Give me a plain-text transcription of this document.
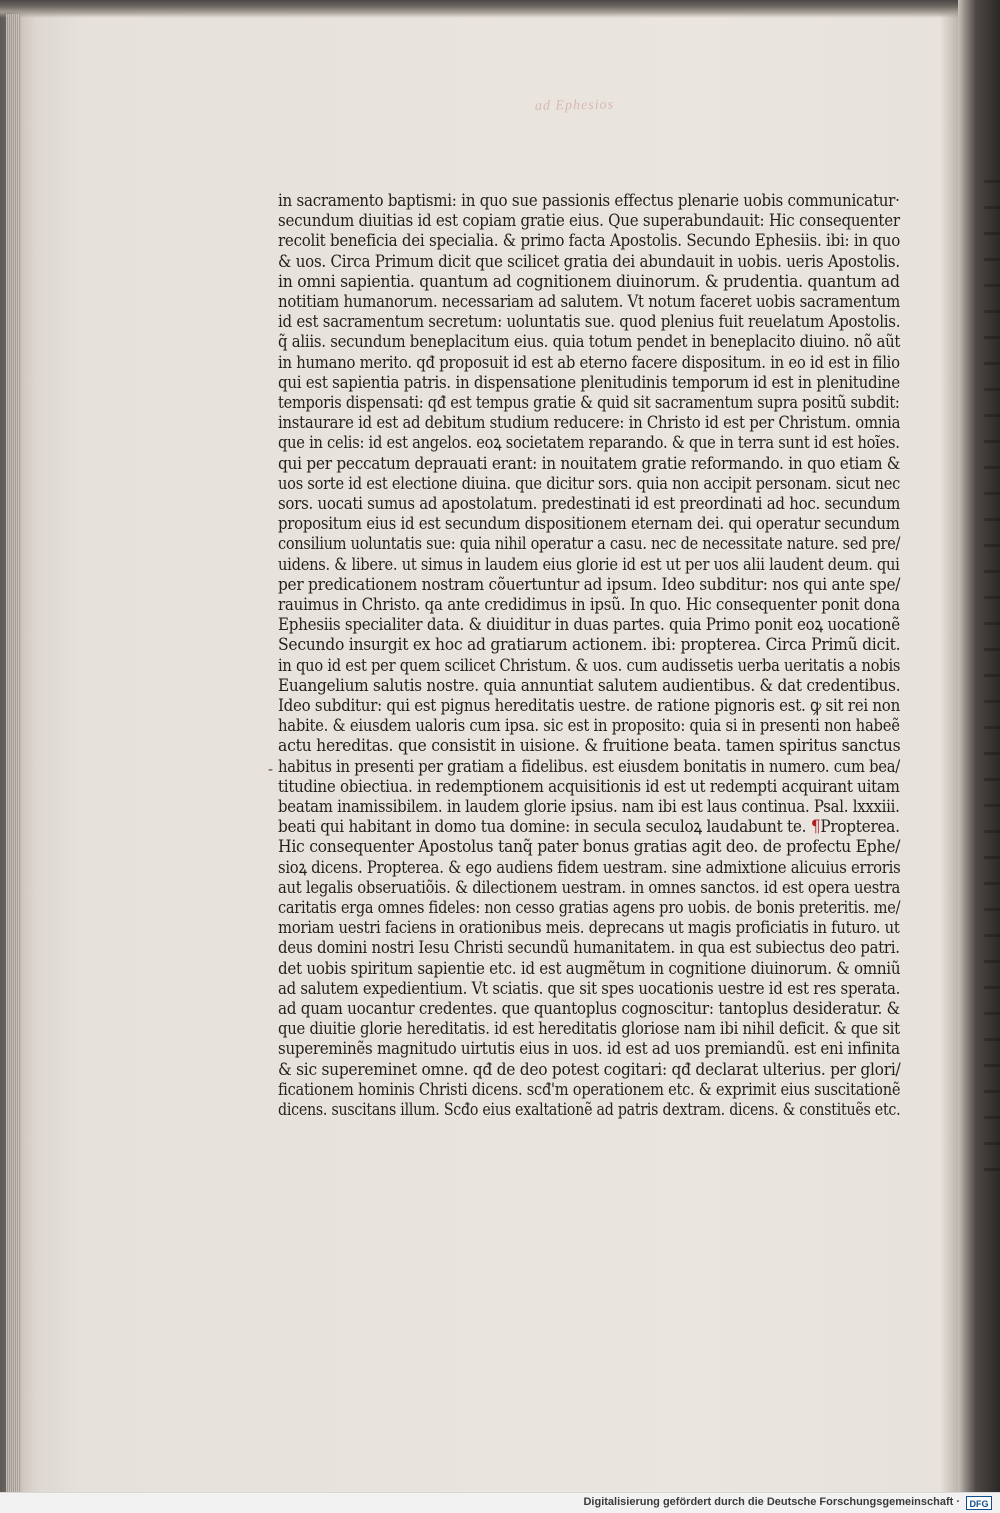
ad Ephesios
in sacramento baptismi: in quo sue passionis effectus plenarie uobis communicatur·
secundum diuitias id est copiam gratie eius. Que superabundauit: Hic consequenter
recolit beneficia dei specialia. & primo facta Apostolis. Secundo Ephesiis. ibi: in quo
& uos. Circa Primum dicit que scilicet gratia dei abundauit in uobis. ueris Apostolis.
in omni sapientia. quantum ad cognitionem diuinorum. & prudentia. quantum ad
notitiam humanorum. necessariam ad salutem. Vt notum faceret uobis sacramentum
id est sacramentum secretum: uoluntatis sue. quod plenius fuit reuelatum Apostolis.
q̃ aliis. secundum beneplacitum eius. quia totum pendet in beneplacito diuino. nõ aũt
in humano merito. qđ proposuit id est ab eterno facere dispositum. in eo id est in filio
qui est sapientia patris. in dispensatione plenitudinis temporum id est in plenitudine
temporis dispensati: qđ est tempus gratie & quid sit sacramentum supra positũ subdit:
instaurare id est ad debitum studium reducere: in Christo id est per Christum. omnia
que in celis: id est angelos. eoꝝ societatem reparando. & que in terra sunt id est hoĩes.
qui per peccatum deprauati erant: in nouitatem gratie reformando. in quo etiam &
uos sorte id est electione diuina. que dicitur sors. quia non accipit personam. sicut nec
sors. uocati sumus ad apostolatum. predestinati id est preordinati ad hoc. secundum
propositum eius id est secundum dispositionem eternam dei. qui operatur secundum
consilium uoluntatis sue: quia nihil operatur a casu. nec de necessitate nature. sed pre/
uidens. & libere. ut simus in laudem eius glorie id est ut per uos alii laudent deum. qui
per predicationem nostram cõuertuntur ad ipsum. Ideo subditur: nos qui ante spe/
rauimus in Christo. qa ante credidimus in ipsũ. In quo. Hic consequenter ponit dona
Ephesiis specialiter data. & diuiditur in duas partes. quia Primo ponit eoꝝ uocationẽ
Secundo insurgit ex hoc ad gratiarum actionem. ibi: propterea. Circa Primũ dicit.
in quo id est per quem scilicet Christum. & uos. cum audissetis uerba ueritatis a nobis
Euangelium salutis nostre. quia annuntiat salutem audientibus. & dat credentibus.
Ideo subditur: qui est pignus hereditatis uestre. de ratione pignoris est. ꝙ sit rei non
habite. & eiusdem ualoris cum ipsa. sic est in proposito: quia si in presenti non habeẽ
actu hereditas. que consistit in uisione. & fruitione beata. tamen spiritus sanctus
habitus in presenti per gratiam a fidelibus. est eiusdem bonitatis in numero. cum bea/
titudine obiectiua. in redemptionem acquisitionis id est ut redempti acquirant uitam
beatam inamissibilem. in laudem glorie ipsius. nam ibi est laus continua. Psal. lxxxiii.
beati qui habitant in domo tua domine: in secula seculoꝝ laudabunt te. ¶Propterea.
Hic consequenter Apostolus tanq̃ pater bonus gratias agit deo. de profectu Ephe/
sioꝝ dicens. Propterea. & ego audiens fidem uestram. sine admixtione alicuius erroris
aut legalis obseruatiõis. & dilectionem uestram. in omnes sanctos. id est opera uestra
caritatis erga omnes fideles: non cesso gratias agens pro uobis. de bonis preteritis. me/
moriam uestri faciens in orationibus meis. deprecans ut magis proficiatis in futuro. ut
deus domini nostri Iesu Christi secundũ humanitatem. in qua est subiectus deo patri.
det uobis spiritum sapientie etc. id est augmẽtum in cognitione diuinorum. & omniũ
ad salutem expedientium. Vt sciatis. que sit spes uocationis uestre id est res sperata.
ad quam uocantur credentes. que quantoplus cognoscitur: tantoplus desideratur. &
que diuitie glorie hereditatis. id est hereditatis gloriose nam ibi nihil deficit. & que sit
supereminẽs magnitudo uirtutis eius in uos. id est ad uos premiandũ. est eni infinita
& sic supereminet omne. qđ de deo potest cogitari: qđ declarat ulterius. per glori/
ficationem hominis Christi dicens. scđ'm operationem etc. & exprimit eius suscitationẽ
dicens. suscitans illum. Scđo eius exaltationẽ ad patris dextram. dicens. & constituẽs etc.
-
Digitalisierung gefördert durch die Deutsche Forschungsgemeinschaft ·	DFG
